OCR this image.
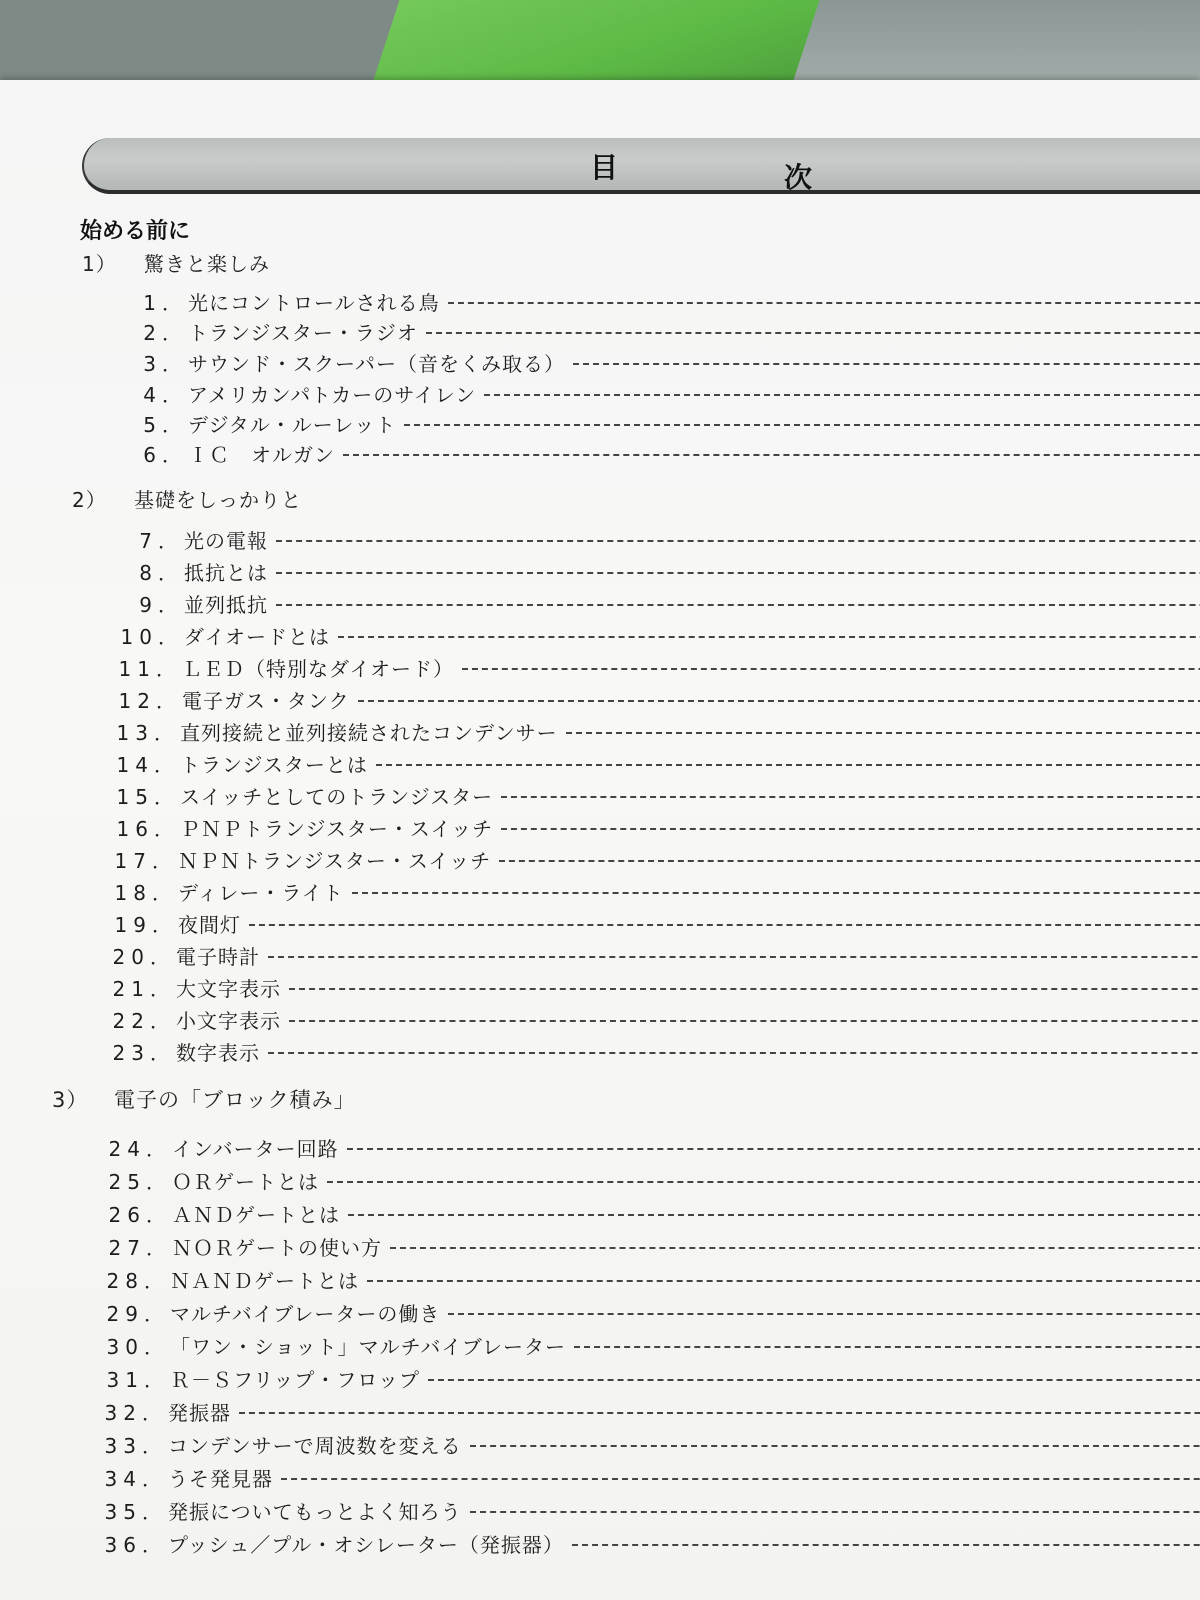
目	次
始める前に
1） 驚きと楽しみ
1． 光にコントロールされる鳥
2． トランジスター・ラジオ
3． サウンド・スクーパー（音をくみ取る）
4． アメリカンパトカーのサイレン
5． デジタル・ルーレット
6． ＩＣ　オルガン
2） 基礎をしっかりと
7． 光の電報
8． 抵抗とは
9． 並列抵抗
10． ダイオードとは
11． ＬＥＤ（特別なダイオード）
12． 電子ガス・タンク
13． 直列接続と並列接続されたコンデンサー
14． トランジスターとは
15． スイッチとしてのトランジスター
16． ＰＮＰトランジスター・スイッチ
17． ＮＰＮトランジスター・スイッチ
18． ディレー・ライト
19． 夜間灯
20． 電子時計
21． 大文字表示
22． 小文字表示
23． 数字表示
3） 電子の「ブロック積み」
24． インバーター回路
25． ＯＲゲートとは
26． ＡＮＤゲートとは
27． ＮＯＲゲートの使い方
28． ＮＡＮＤゲートとは
29． マルチバイブレーターの働き
30． 「ワン・ショット」マルチバイブレーター
31． Ｒ－Ｓフリップ・フロップ
32． 発振器
33． コンデンサーで周波数を変える
34． うそ発見器
35． 発振についてもっとよく知ろう
36． プッシュ／プル・オシレーター（発振器）
